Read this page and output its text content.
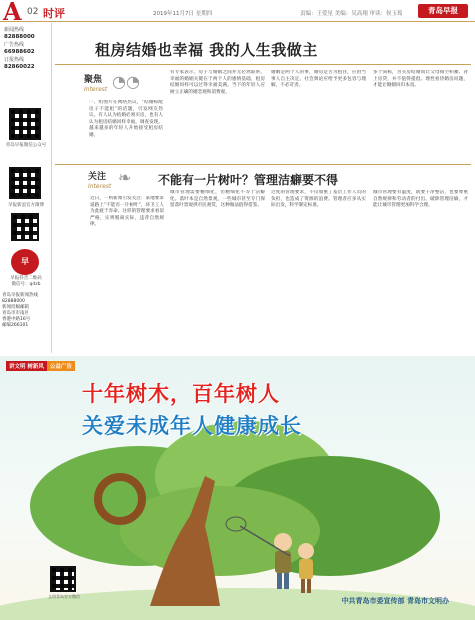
A 02 时评	2019年11月7日 星期四	责编：王爱星 美编：吴高翔 审读：侯玉筠	青岛早报
新闻热线
82888000
广告热线
66988602
订报热线
82860022
青岛早报微信公众号
早报新浪官方微博
早
早报抖音二维码
微信号：qdzb
青岛早报新闻热线
82888000
新闻投稿邮箱
青岛市市南区
香港中路16号
邮编266101
租房结婚也幸福 我的人生我做主
聚焦
Interest ◔◔
一、组图片在网络热议，“结婚标配房子不能租”的话题，引发网友热议。有人认为结婚必须买房，也有人认为租房结婚同样幸福。调查发现，越来越多的年轻人开始接受租房结婚。
有专家表示，房子与婚姻之间并无必然联系，幸福的婚姻关键在于两个人的感情基础，租房结婚同样可以过得幸福美满。当下的年轻人应树立正确的婚恋观和消费观。
婚姻是两个人的事，婚房是否为租住，应由当事人自主决定。社会舆论应给予更多包容与理解，不必苛责。
多个简称，为买房结婚而让父母掏空积蓄、背上房贷，并不值得提倡。理性看待婚房问题，才能让婚姻回归本真。
关注
Interest ❧ 不能有一片树叶？管理洁癖要不得
近日，一则新闻引发关注：某地要求道路上“不能有一片树叶”，环卫工人为此疲于奔命。这样的管理要求看似严格，实则脱离实际，违背自然规律。
城市管理需要精细化，但精细化不等于洁癖化。落叶本是自然景观，一些城市甚至专门保留落叶景观供市民观赏，这种做法值得借鉴。
过度的管理要求，不仅加重了基层工作人员的负担，也造成了资源的浪费。管理者应多从实际出发，科学制定标准。
城市管理要有温度，既要干净整洁，也要尊重自然规律和劳动者的付出。破除管理洁癖，才能让城市管理更加科学合理。
讲文明 树新风	公益广告
十年树木，百年树人
关爱未成年人健康成长
中共青岛市委宣传部 青岛市文明办
文明青岛官方微信
